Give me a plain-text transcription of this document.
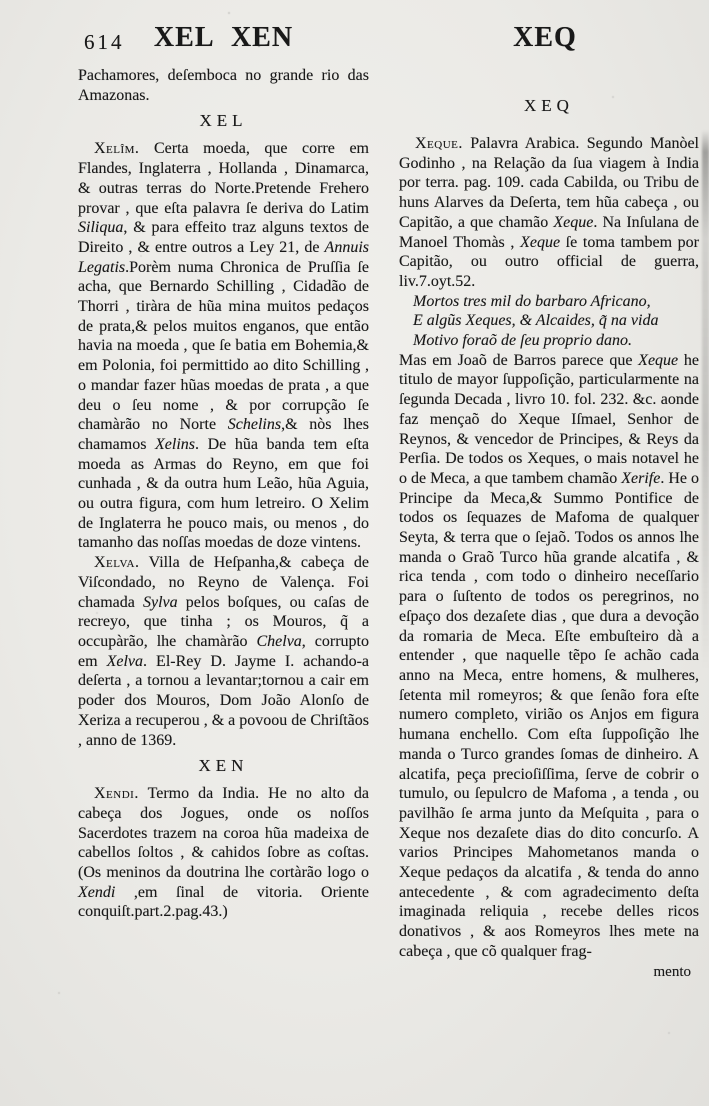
614	XEL XEN	XEQ

Pachamores, deſemboca no grande rio das Amazonas.

XEL

Xelîm. Certa moeda, que corre em Flandes, Inglaterra , Hollanda , Dinamarca, & outras terras do Norte.Pretende Frehero provar , que eſta palavra ſe deriva do Latim Siliqua, & para effeito traz alguns textos de Direito , & entre outros a Ley 21, de Annuis Legatis.Porèm numa Chronica de Pruſſia ſe acha, que Bernardo Schilling , Cidadão de Thorri , tiràra de hũa mina muitos pedaços de prata,& pelos muitos enganos, que então havia na moeda , que ſe batia em Bohemia,& em Polonia, foi permittido ao dito Schilling , o mandar fazer hũas moedas de prata , a que deu o ſeu nome , & por corrupção ſe chamàrão no Norte Schelins,& nòs lhes chamamos Xelins. De hũa banda tem eſta moeda as Armas do Reyno, em que foi cunhada , & da outra hum Leão, hũa Aguia, ou outra figura, com hum letreiro. O Xelim de Inglaterra he pouco mais, ou menos , do tamanho das noſſas moedas de doze vintens.

Xelva. Villa de Heſpanha,& cabeça de Viſcondado, no Reyno de Valença. Foi chamada Sylva pelos boſques, ou caſas de recreyo, que tinha ; os Mouros, q̃ a occupàrão, lhe chamàrão Chelva, corrupto em Xelva. El-Rey D. Jayme I. achando-a deſerta , a tornou a levantar;tornou a cair em poder dos Mouros, Dom João Alonſo de Xeriza a recuperou , & a povoou de Chriſtãos , anno de 1369.

XEN

Xendi. Termo da India. He no alto da cabeça dos Jogues, onde os noſſos Sacerdotes trazem na coroa hũa madeixa de cabellos ſoltos , & cahidos ſobre as coſtas.(Os meninos da doutrina lhe cortàrão logo o Xendi ,em ſinal de vitoria. Oriente conquiſt.part.2.pag.43.)

XEQ

Xeque. Palavra Arabica. Segundo Manòel Godinho , na Relação da ſua viagem à India por terra. pag. 109. cada Cabilda, ou Tribu de huns Alarves da Deſerta, tem hũa cabeça , ou Capitão, a que chamão Xeque. Na Inſulana de Manoel Thomàs , Xeque ſe toma tambem por Capitão, ou outro official de guerra, liv.7.oyt.52.

Mortos tres mil do barbaro Africano,
E algũs Xeques, & Alcaides, q̃ na vida
Motivo foraõ de ſeu proprio dano.

Mas em Joaõ de Barros parece que Xeque he titulo de mayor ſuppoſição, particularmente na ſegunda Decada , livro 10. fol. 232. &c. aonde faz mençaõ do Xeque Iſmael, Senhor de Reynos, & vencedor de Principes, & Reys da Perſia. De todos os Xeques, o mais notavel he o de Meca, a que tambem chamão Xerife. He o Principe da Meca,& Summo Pontifice de todos os ſequazes de Mafoma de qualquer Seyta, & terra que o ſejaõ. Todos os annos lhe manda o Graõ Turco hũa grande alcatifa , & rica tenda , com todo o dinheiro neceſſario para o ſuſtento de todos os peregrinos, no eſpaço dos dezaſete dias , que dura a devoção da romaria de Meca. Eſte embuſteiro dà a entender , que naquelle tẽpo ſe achão cada anno na Meca, entre homens, & mulheres, ſetenta mil romeyros; & que ſenão fora eſte numero completo, virião os Anjos em figura humana enchello. Com eſta ſuppoſição lhe manda o Turco grandes ſomas de dinheiro. A alcatifa, peça precioſiſſima, ſerve de cobrir o tumulo, ou ſepulcro de Mafoma , a tenda , ou pavilhão ſe arma junto da Meſquita , para o Xeque nos dezaſete dias do dito concurſo. A varios Principes Mahometanos manda o Xeque pedaços da alcatifa , & tenda do anno antecedente , & com agradecimento deſta imaginada reliquia , recebe delles ricos donativos , & aos Romeyros lhes mete na cabeça , que cõ qualquer frag-

mento
